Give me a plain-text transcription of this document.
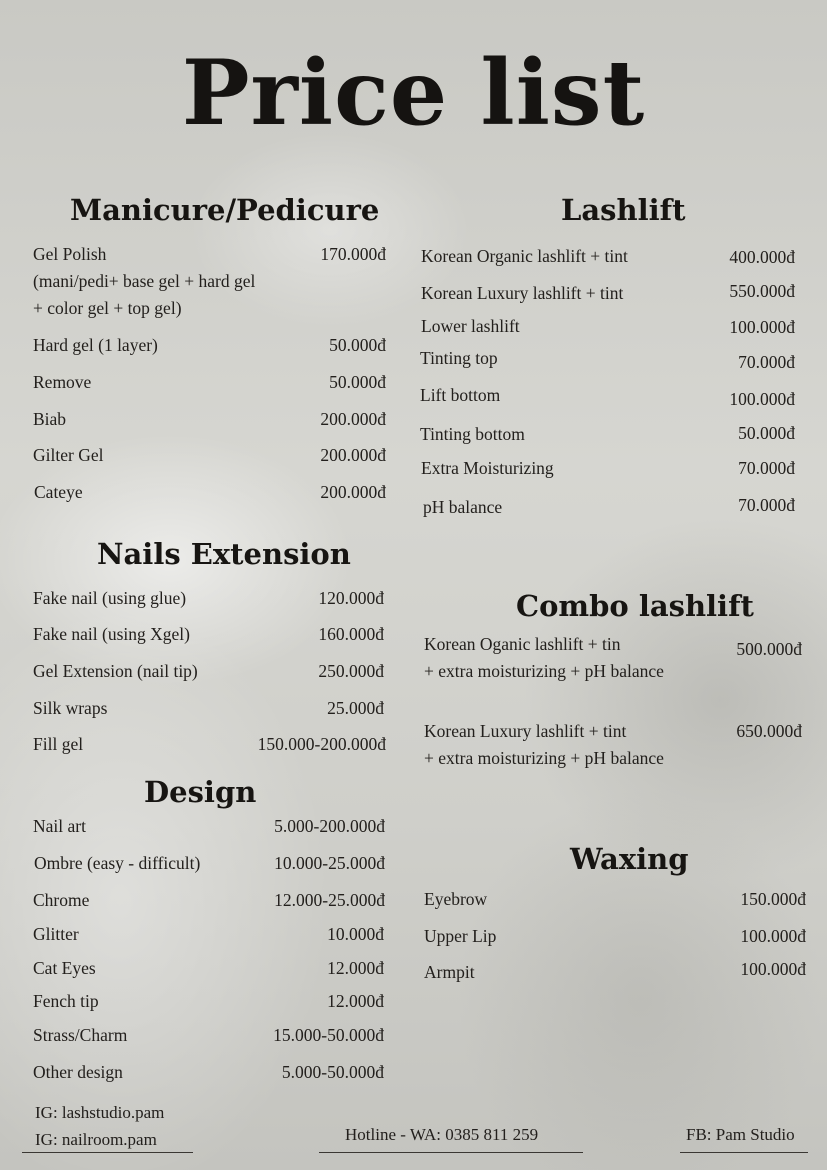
Price list
Manicure/Pedicure
Gel Polish	170.000đ
(mani/pedi+ base gel + hard gel
+ color gel + top gel)
Hard gel (1 layer)	50.000đ
Remove	50.000đ
Biab	200.000đ
Gilter Gel	200.000đ
Cateye	200.000đ
Nails Extension
Fake nail (using glue)	120.000đ
Fake nail (using Xgel)	160.000đ
Gel Extension (nail tip)	250.000đ
Silk wraps	25.000đ
Fill gel	150.000-200.000đ
Design
Nail art	5.000-200.000đ
Ombre (easy - difficult)	10.000-25.000đ
Chrome	12.000-25.000đ
Glitter	10.000đ
Cat Eyes	12.000đ
Fench tip	12.000đ
Strass/Charm	15.000-50.000đ
Other design	5.000-50.000đ
Lashlift
Korean Organic lashlift + tint	400.000đ
Korean Luxury lashlift + tint	550.000đ
Lower lashlift	100.000đ
Tinting top	70.000đ
Lift bottom	100.000đ
Tinting bottom	50.000đ
Extra Moisturizing	70.000đ
pH balance	70.000đ
Combo lashlift
Korean Oganic lashlift + tin
+ extra moisturizing + pH balance
500.000đ
Korean Luxury lashlift + tint
+ extra moisturizing + pH balance
650.000đ
Waxing
Eyebrow	150.000đ
Upper Lip	100.000đ
Armpit	100.000đ
IG: lashstudio.pam
IG: nailroom.pam	Hotline - WA: 0385 811 259	FB: Pam Studio
